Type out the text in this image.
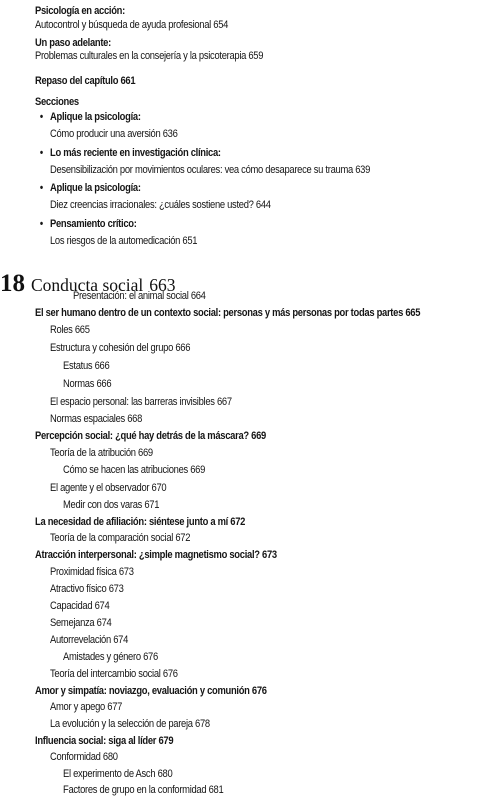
Psicología en acción:
Autocontrol y búsqueda de ayuda profesional 654
Un paso adelante:
Problemas culturales en la consejería y la psicoterapia 659
Repaso del capítulo 661
Secciones
• Aplique la psicología:
Cómo producir una aversión 636
• Lo más reciente en investigación clínica:
Desensibilización por movimientos oculares: vea cómo desaparece su trauma 639
• Aplique la psicología:
Diez creencias irracionales: ¿cuáles sostiene usted? 644
• Pensamiento crítico:
Los riesgos de la automedicación 651
18 Conducta social 663
Presentación: el animal social 664
El ser humano dentro de un contexto social: personas y más personas por todas partes 665
Roles 665
Estructura y cohesión del grupo 666
Estatus 666
Normas 666
El espacio personal: las barreras invisibles 667
Normas espaciales 668
Percepción social: ¿qué hay detrás de la máscara? 669
Teoría de la atribución 669
Cómo se hacen las atribuciones 669
El agente y el observador 670
Medir con dos varas 671
La necesidad de afiliación: siéntese junto a mí 672
Teoría de la comparación social 672
Atracción interpersonal: ¿simple magnetismo social? 673
Proximidad física 673
Atractivo físico 673
Capacidad 674
Semejanza 674
Autorrevelación 674
Amistades y género 676
Teoría del intercambio social 676
Amor y simpatía: noviazgo, evaluación y comunión 676
Amor y apego 677
La evolución y la selección de pareja 678
Influencia social: siga al líder 679
Conformidad 680
El experimento de Asch 680
Factores de grupo en la conformidad 681
